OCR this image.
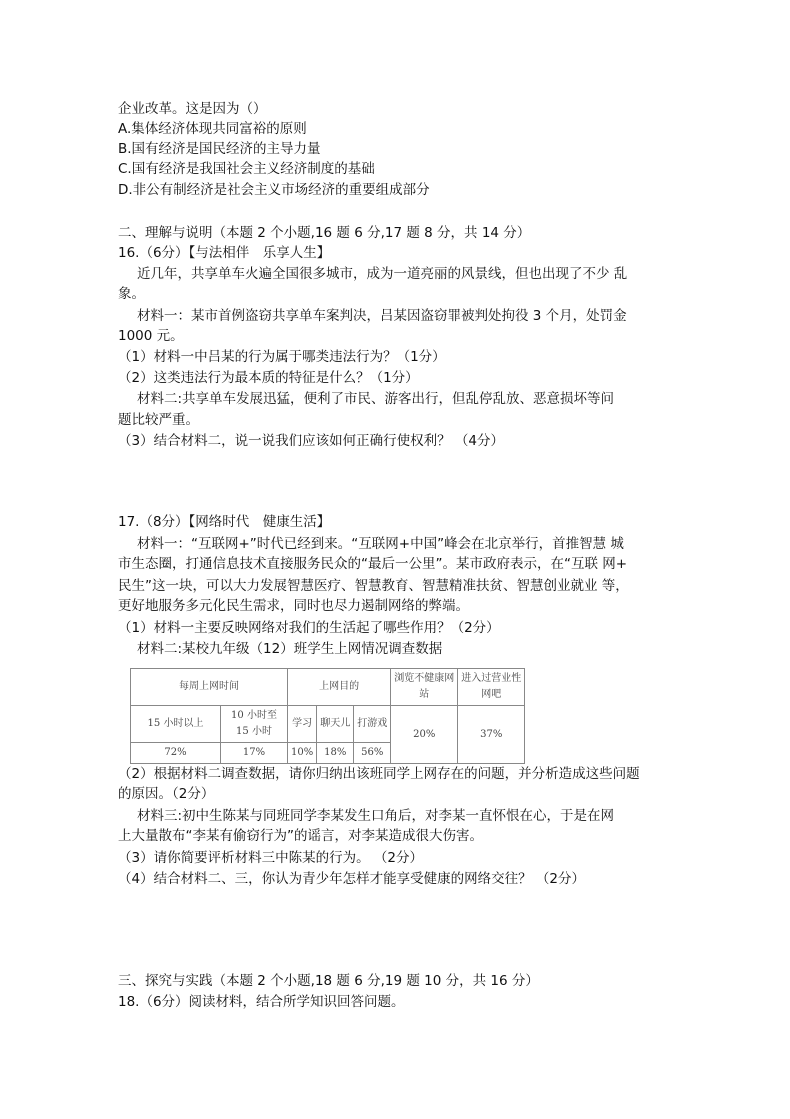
企业改革。这是因为（）
A.集体经济体现共同富裕的原则
B.国有经济是国民经济的主导力量
C.国有经济是我国社会主义经济制度的基础
D.非公有制经济是社会主义市场经济的重要组成部分
二、理解与说明（本题 2 个小题,16 题 6 分,17 题 8 分，共 14 分）
16.（6分）【与法相伴　乐享人生】
近几年，共享单车火遍全国很多城市，成为一道亮丽的风景线，但也出现了不少 乱
象。
材料一：某市首例盗窃共享单车案判决，吕某因盗窃罪被判处拘役 3 个月，处罚金
1000 元。
（1）材料一中吕某的行为属于哪类违法行为？（1分）
（2）这类违法行为最本质的特征是什么？（1分）
材料二:共享单车发展迅猛，便利了市民、游客出行，但乱停乱放、恶意损坏等问
题比较严重。
（3）结合材料二，说一说我们应该如何正确行使权利？ （4分）
17.（8分）【网络时代　健康生活】
材料一：“互联网+”时代已经到来。“互联网+中国”峰会在北京举行，首推智慧 城
市生态圈，打通信息技术直接服务民众的“最后一公里”。某市政府表示，在“互联 网+
民生”这一块，可以大力发展智慧医疗、智慧教育、智慧精准扶贫、智慧创业就业 等，
更好地服务多元化民生需求，同时也尽力遏制网络的弊端。
（1）材料一主要反映网络对我们的生活起了哪些作用？（2分）
材料二:某校九年级（12）班学生上网情况调查数据
（2）根据材料二调查数据，请你归纳出该班同学上网存在的问题，并分析造成这些问题
的原因。（2分）
材料三:初中生陈某与同班同学李某发生口角后，对李某一直怀恨在心，于是在网
上大量散布“李某有偷窃行为”的谣言，对李某造成很大伤害。
（3）请你简要评析材料三中陈某的行为。 （2分）
（4）结合材料二、三，你认为青少年怎样才能享受健康的网络交往？ （2分）
三、探究与实践（本题 2 个小题,18 题 6 分,19 题 10 分，共 16 分）
18.（6分）阅读材料，结合所学知识回答问题。
每周上网时间		上网目的			浏览不健康网站	进入过营业性网吧
15 小时以上	10 小时至 15 小时	学习	聊天儿	打游戏	20%	37%
72%	17%	10%	18%	56%		
